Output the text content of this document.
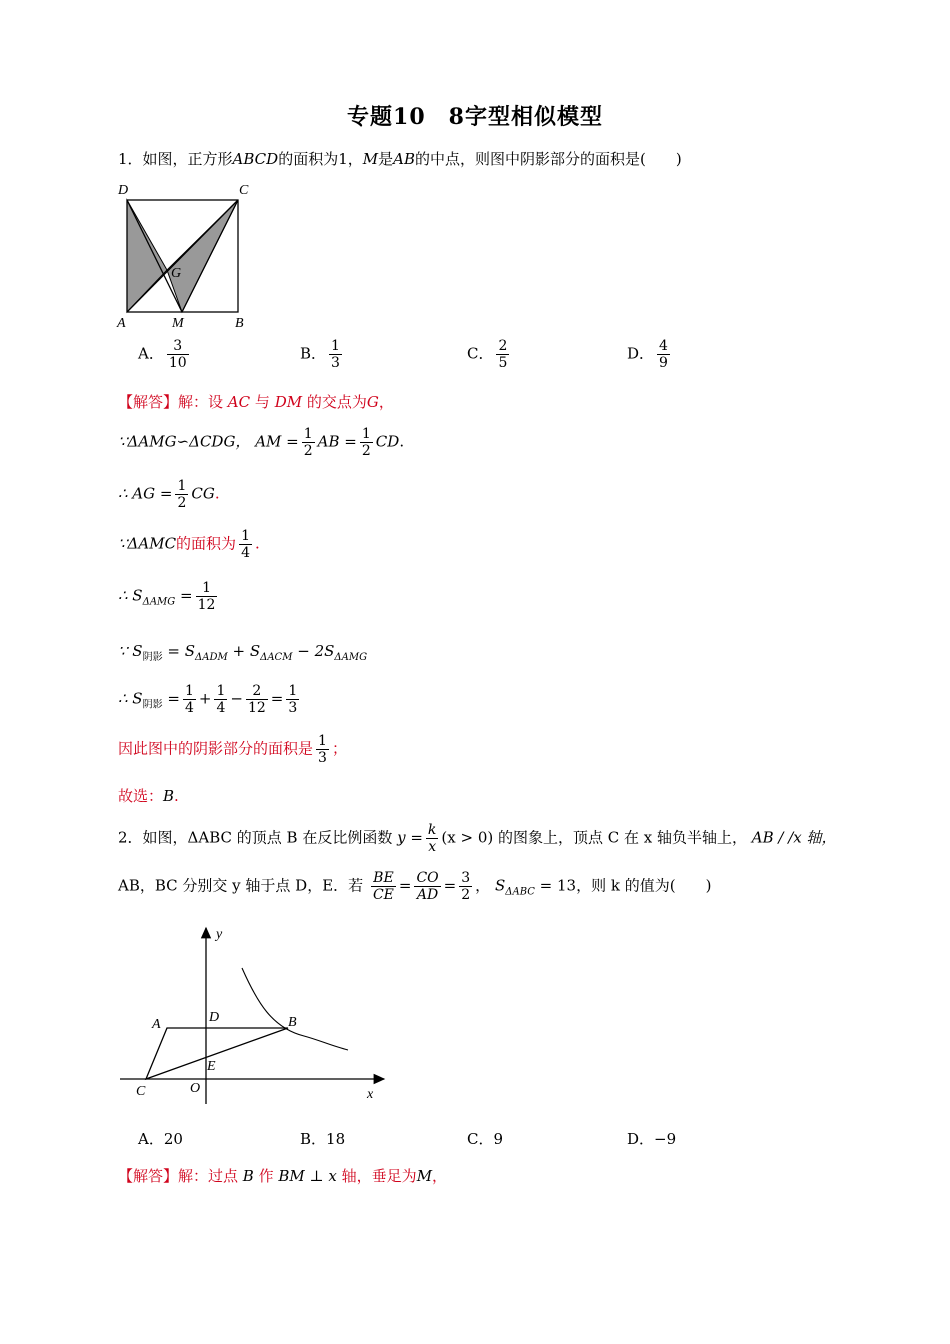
专题10　8字型相似模型
1．如图，正方形ABCD的面积为1，M是AB的中点，则图中阴影部分的面积是(　　)
D	C
A	M	B
G
A． $\frac{3}{10}$	B． $\frac{1}{3}$	C． $\frac{2}{5}$	D． $\frac{4}{9}$
【解答】解：设 AC 与 DM 的交点为G，
∵ΔAMG∽ΔCDG， AM = $\frac{1}{2}$ AB = $\frac{1}{2}$ CD.
∴ AG = $\frac{1}{2}$ CG.
∵ΔAMC的面积为 $\frac{1}{4}$ .
∴ $S_{\Delta AMG} = \frac{1}{12}$
∵ $S_{阴影} = S_{\Delta ADM} + S_{\Delta ACM} - 2S_{\Delta AMG}$
∴ $S_{阴影} = \frac{1}{4} + \frac{1}{4} - \frac{2}{12} = \frac{1}{3}$
因此图中的阴影部分的面积是 $\frac{1}{3}$ ；
故选：B.
2．如图，ΔABC 的顶点 B 在反比例函数 $y = \frac{k}{x} (x > 0)$ 的图象上，顶点 C 在 x 轴负半轴上， AB / /x 轴，
AB，BC 分别交 y 轴于点 D，E．若 $\frac{BE}{CE} = \frac{CO}{AD} = \frac{3}{2}$ ， $S_{\Delta ABC} = 13$，则 k 的值为(　　)
y
x
A	B
C
D
E
O
A．20	B．18	C．9	D．−9
【解答】解：过点 B 作 BM ⊥ x 轴，垂足为M，
